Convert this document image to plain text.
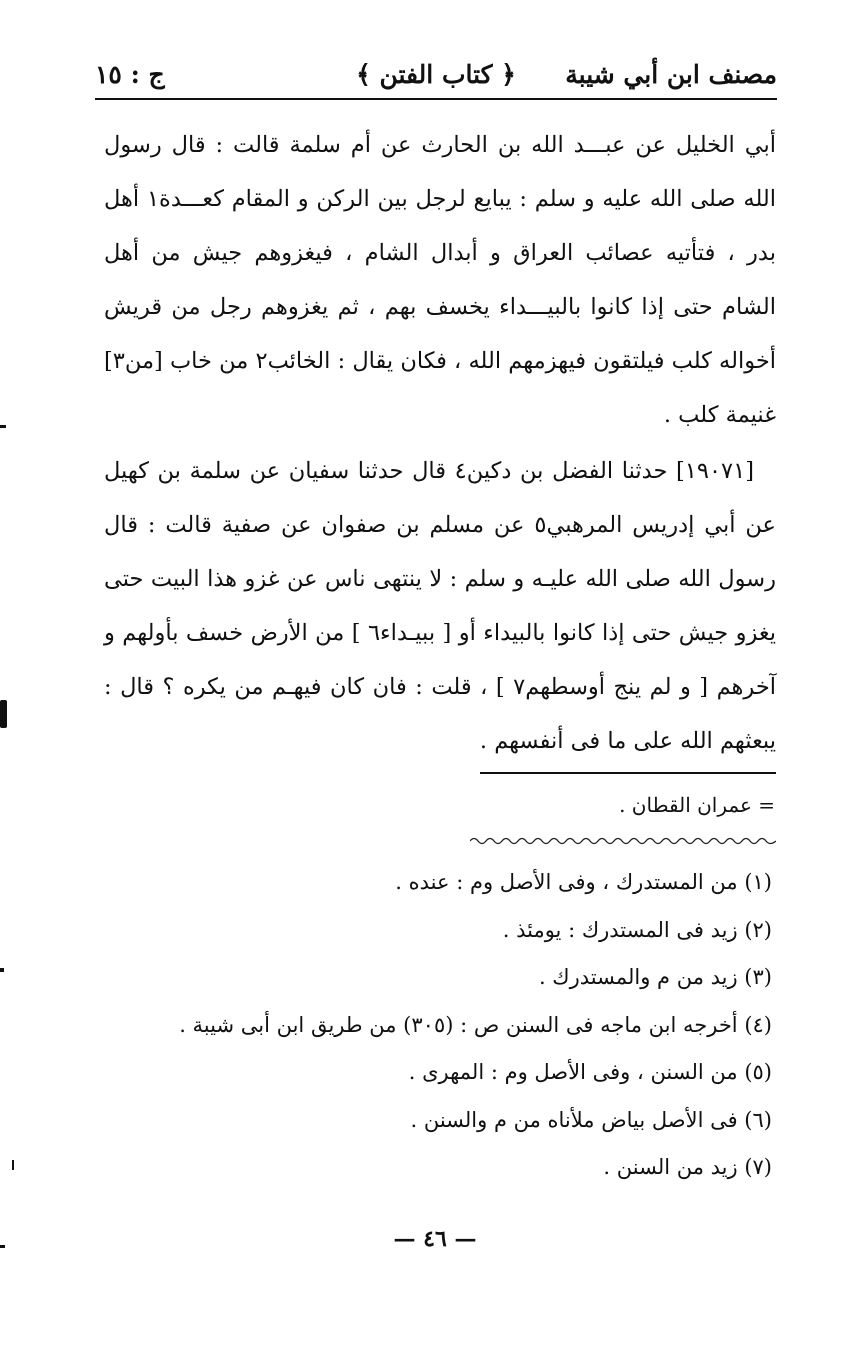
مصنف ابن أبي شيبة
﴿ كتاب الفتن ﴾
ج : ١٥

أبي الخليل عن عبـــد الله بن الحارث عن أم سلمة قالت : قال رسول الله صلى الله عليه و سلم : يبايع لرجل بين الركن و المقام كعـــدة١ أهل بدر ، فتأتيه عصائب العراق و أبدال الشام ، فيغزوهم جيش من أهل الشام حتى إذا كانوا بالبيـــداء يخسف بهم ، ثم يغزوهم رجل من قريش أخواله كلب فيلتقون فيهزمهم الله ، فكان يقال : الخائب٢ من خاب [من٣] غنيمة كلب .

[١٩٠٧١] حدثنا الفضل بن دكين٤ قال حدثنا سفيان عن سلمة بن كهيل عن أبي إدريس المرهبي٥ عن مسلم بن صفوان عن صفية قالت : قال رسول الله صلى الله عليـه و سلم : لا ينتهى ناس عن غزو هذا البيت حتى يغزو جيش حتى إذا كانوا بالبيداء أو [ ببيـداء٦ ] من الأرض خسف بأولهم و آخرهم [ و لم ينج أوسطهم٧ ] ، قلت : فان كان فيهـم من يكره ؟ قال : يبعثهم الله على ما فى أنفسهم .

= عمران القطان .
(١) من المستدرك ، وفى الأصل وم : عنده .
(٢) زيد فى المستدرك : يومئذ .
(٣) زيد من م والمستدرك .
(٤) أخرجه ابن ماجه فى السنن ص : (٣٠٥) من طريق ابن أبى شيبة .
(٥) من السنن ، وفى الأصل وم : المهرى .
(٦) فى الأصل بياض ملأناه من م والسنن .
(٧) زيد من السنن .
— ٤٦ —
